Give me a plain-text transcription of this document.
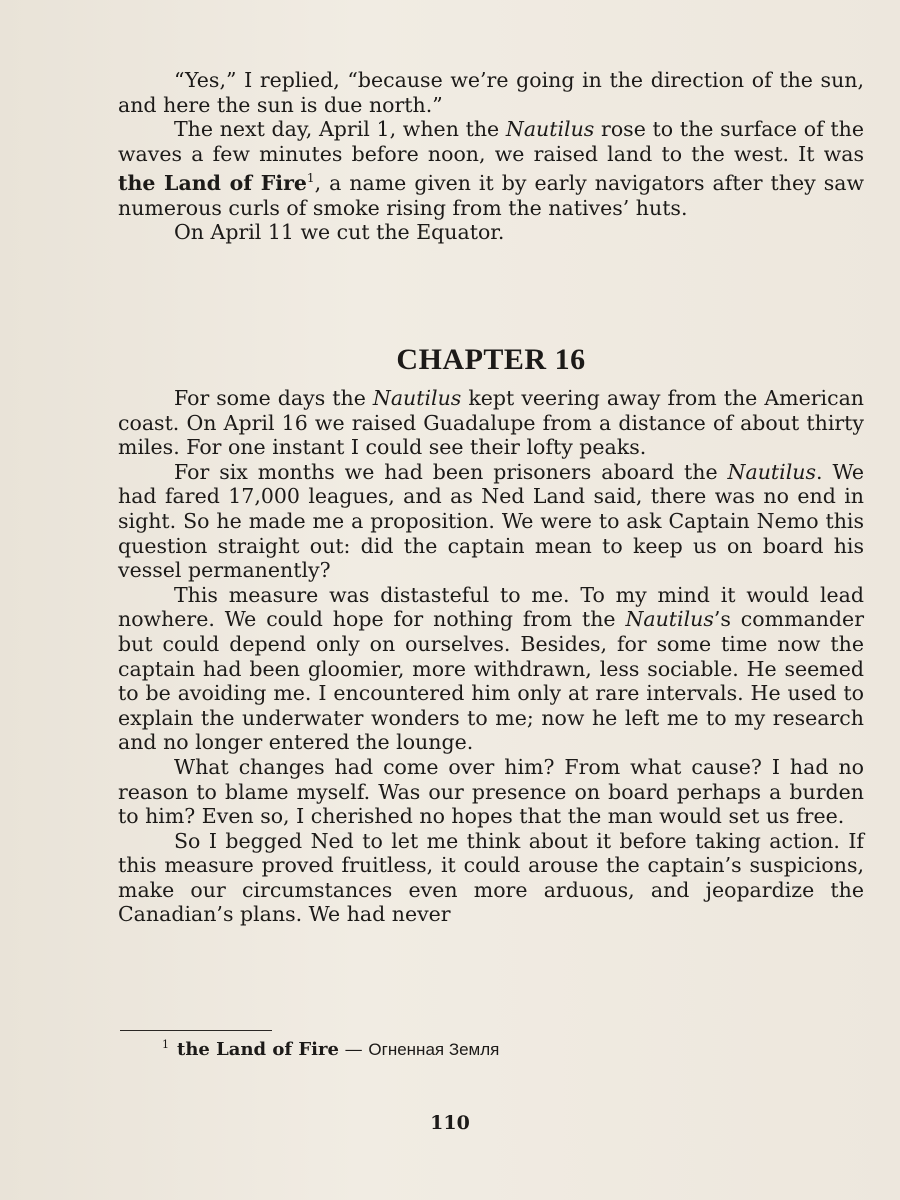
“Yes,” I replied, “because we’re going in the direction of the sun, and here the sun is due north.”

The next day, April 1, when the Nautilus rose to the surface of the waves a few minutes before noon, we raised land to the west. It was the Land of Fire$^1$, a name given it by early navigators after they saw numerous curls of smoke rising from the natives’ huts.

On April 11 we cut the Equator.

CHAPTER 16

For some days the Nautilus kept veering away from the American coast. On April 16 we raised Guadalupe from a distance of about thirty miles. For one instant I could see their lofty peaks.

For six months we had been prisoners aboard the Nautilus. We had fared 17,000 leagues, and as Ned Land said, there was no end in sight. So he made me a proposition. We were to ask Captain Nemo this question straight out: did the captain mean to keep us on board his vessel permanently?

This measure was distasteful to me. To my mind it would lead nowhere. We could hope for nothing from the Nautilus’s commander but could depend only on ourselves. Besides, for some time now the captain had been gloomier, more withdrawn, less sociable. He seemed to be avoiding me. I encountered him only at rare intervals. He used to explain the underwater wonders to me; now he left me to my research and no longer entered the lounge.

What changes had come over him? From what cause? I had no reason to blame myself. Was our presence on board perhaps a burden to him? Even so, I cherished no hopes that the man would set us free.

So I begged Ned to let me think about it before taking action. If this measure proved fruitless, it could arouse the captain’s suspicions, make our circumstances even more arduous, and jeopardize the Canadian’s plans. We had never

$^1$ the Land of Fire — Огненная Земля
110
